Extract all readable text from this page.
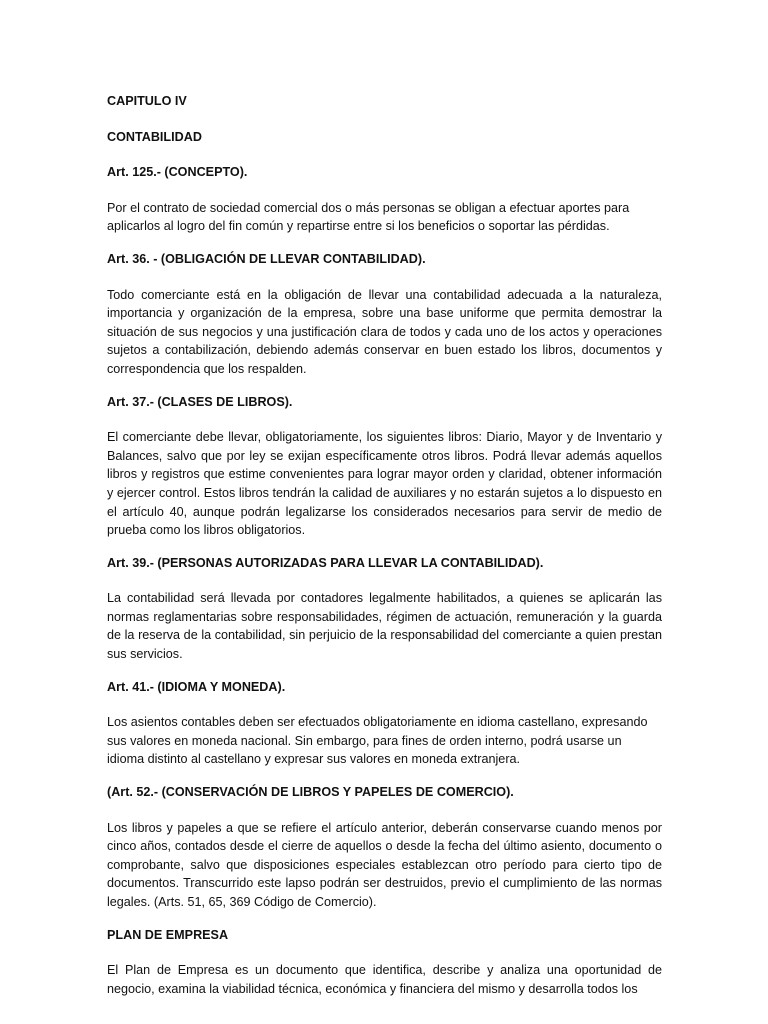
CAPITULO IV
CONTABILIDAD
Art. 125.- (CONCEPTO).
Por el contrato de sociedad comercial dos o más personas se obligan a efectuar aportes para aplicarlos al logro del fin común y repartirse entre si los beneficios o soportar las pérdidas.
Art. 36. - (OBLIGACIÓN DE LLEVAR CONTABILIDAD).
Todo comerciante está en la obligación de llevar una contabilidad adecuada a la naturaleza, importancia y organización de la empresa, sobre una base uniforme que permita demostrar la situación de sus negocios y una justificación clara de todos y cada uno de los actos y operaciones sujetos a contabilización, debiendo además conservar en buen estado los libros, documentos y correspondencia que los respalden.
Art. 37.- (CLASES DE LIBROS).
El comerciante debe llevar, obligatoriamente, los siguientes libros: Diario, Mayor y de Inventario y Balances, salvo que por ley se exijan específicamente otros libros. Podrá llevar además aquellos libros y registros que estime convenientes para lograr mayor orden y claridad, obtener información y ejercer control. Estos libros tendrán la calidad de auxiliares y no estarán sujetos a lo dispuesto en el artículo 40, aunque podrán legalizarse los considerados necesarios para servir de medio de prueba como los libros obligatorios.
Art. 39.- (PERSONAS AUTORIZADAS PARA LLEVAR LA CONTABILIDAD).
La contabilidad será llevada por contadores legalmente habilitados, a quienes se aplicarán las normas reglamentarias sobre responsabilidades, régimen de actuación, remuneración y la guarda de la reserva de la contabilidad, sin perjuicio de la responsabilidad del comerciante a quien prestan sus servicios.
Art. 41.- (IDIOMA Y MONEDA).
Los asientos contables deben ser efectuados obligatoriamente en idioma castellano, expresando sus valores en moneda nacional. Sin embargo, para fines de orden interno, podrá usarse un idioma distinto al castellano y expresar sus valores en moneda extranjera.
(Art. 52.- (CONSERVACIÓN DE LIBROS Y PAPELES DE COMERCIO).
Los libros y papeles a que se refiere el artículo anterior, deberán conservarse cuando menos por cinco años, contados desde el cierre de aquellos o desde la fecha del último asiento, documento o comprobante, salvo que disposiciones especiales establezcan otro período para cierto tipo de documentos. Transcurrido este lapso podrán ser destruidos, previo el cumplimiento de las normas legales. (Arts. 51, 65, 369 Código de Comercio).
PLAN DE EMPRESA
El Plan de Empresa es un documento que identifica, describe y analiza una oportunidad de negocio, examina la viabilidad técnica, económica y financiera del mismo y desarrolla todos los
